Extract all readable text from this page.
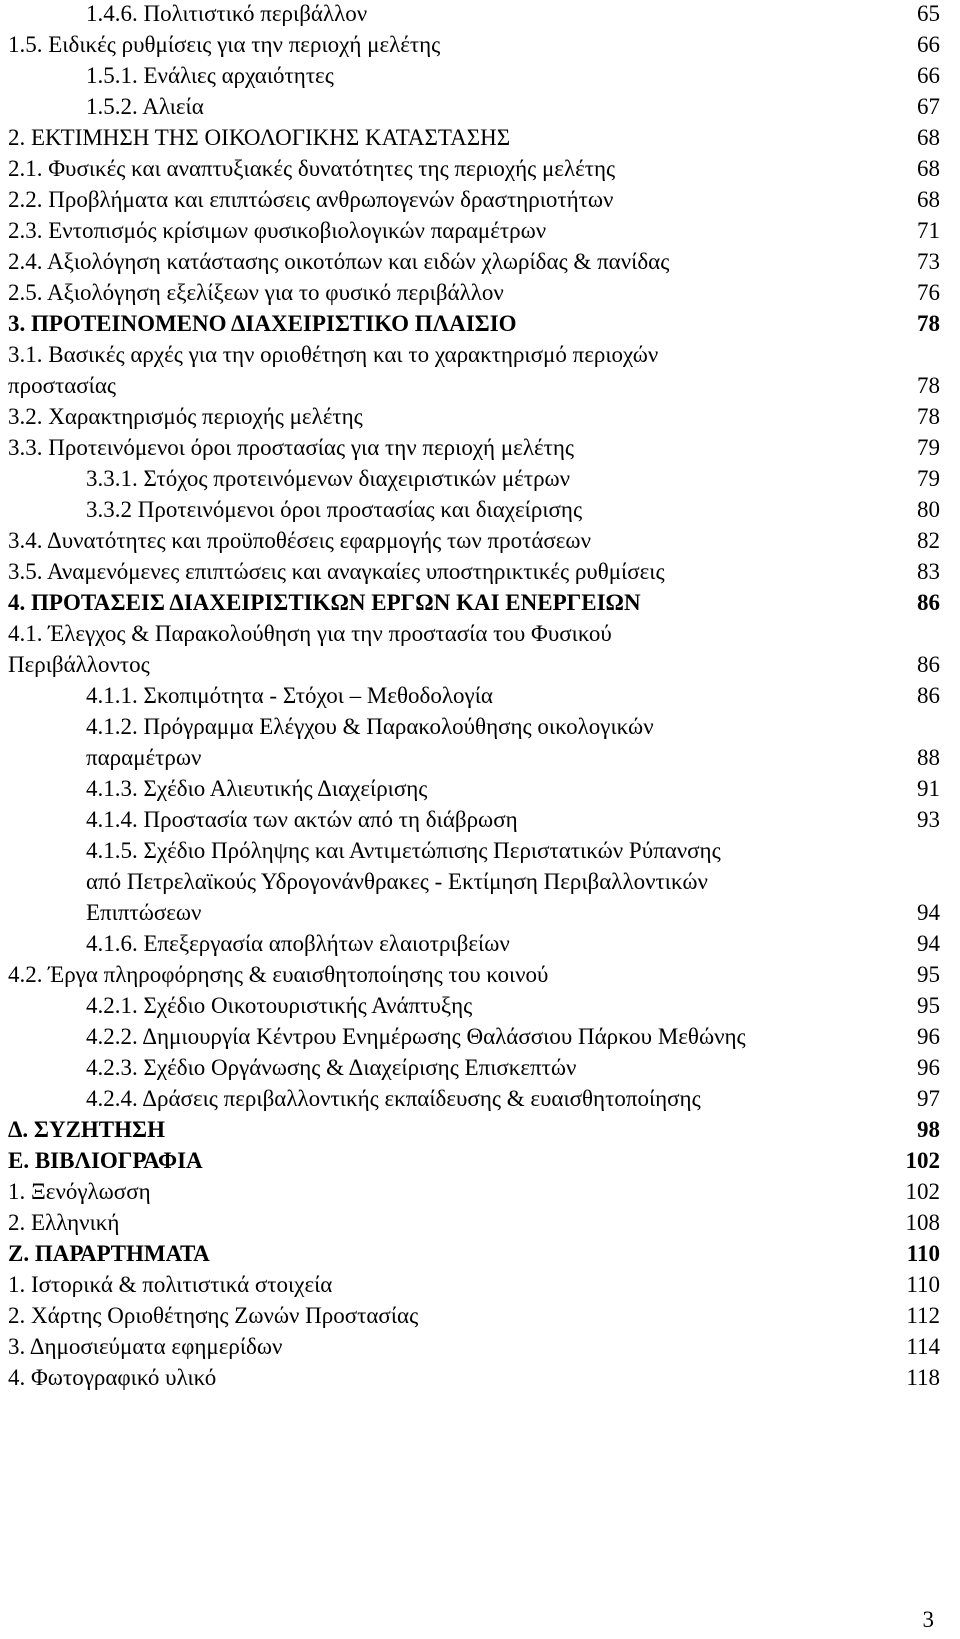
1.4.6. Πολιτιστικό περιβάλλον	65
1.5. Ειδικές ρυθμίσεις για την περιοχή μελέτης	66
1.5.1. Ενάλιες αρχαιότητες	66
1.5.2. Αλιεία	67
2. ΕΚΤΙΜΗΣΗ ΤΗΣ ΟΙΚΟΛΟΓΙΚΗΣ ΚΑΤΑΣΤΑΣΗΣ	68
2.1. Φυσικές και αναπτυξιακές δυνατότητες της περιοχής μελέτης	68
2.2. Προβλήματα και επιπτώσεις ανθρωπογενών δραστηριοτήτων	68
2.3. Εντοπισμός κρίσιμων φυσικοβιολογικών παραμέτρων	71
2.4. Αξιολόγηση κατάστασης οικοτόπων και ειδών χλωρίδας & πανίδας	73
2.5. Αξιολόγηση εξελίξεων για το φυσικό περιβάλλον	76
3. ΠΡΟΤΕΙΝΟΜΕΝΟ ΔΙΑΧΕΙΡΙΣΤΙΚΟ ΠΛΑΙΣΙΟ	78
3.1. Βασικές αρχές για την οριοθέτηση και το χαρακτηρισμό περιοχών
προστασίας	78
3.2. Χαρακτηρισμός περιοχής μελέτης	78
3.3. Προτεινόμενοι όροι προστασίας για την περιοχή μελέτης	79
3.3.1. Στόχος προτεινόμενων διαχειριστικών μέτρων	79
3.3.2 Προτεινόμενοι όροι προστασίας και διαχείρισης	80
3.4. Δυνατότητες και προϋποθέσεις εφαρμογής των προτάσεων	82
3.5. Αναμενόμενες επιπτώσεις και αναγκαίες υποστηρικτικές ρυθμίσεις	83
4. ΠΡΟΤΑΣΕΙΣ ΔΙΑΧΕΙΡΙΣΤΙΚΩΝ ΕΡΓΩΝ ΚΑΙ ΕΝΕΡΓΕΙΩΝ	86
4.1. Έλεγχος & Παρακολούθηση για την προστασία του Φυσικού
Περιβάλλοντος	86
4.1.1. Σκοπιμότητα - Στόχοι – Μεθοδολογία	86
4.1.2. Πρόγραμμα Ελέγχου & Παρακολούθησης οικολογικών
παραμέτρων	88
4.1.3. Σχέδιο Αλιευτικής Διαχείρισης	91
4.1.4. Προστασία των ακτών από τη διάβρωση	93
4.1.5. Σχέδιο Πρόληψης και Αντιμετώπισης Περιστατικών Ρύπανσης
από Πετρελαϊκούς Υδρογονάνθρακες - Εκτίμηση Περιβαλλοντικών
Επιπτώσεων	94
4.1.6. Επεξεργασία αποβλήτων ελαιοτριβείων	94
4.2. Έργα πληροφόρησης & ευαισθητοποίησης του κοινού	95
4.2.1. Σχέδιο Οικοτουριστικής Ανάπτυξης	95
4.2.2. Δημιουργία Κέντρου Ενημέρωσης Θαλάσσιου Πάρκου Μεθώνης	96
4.2.3. Σχέδιο Οργάνωσης & Διαχείρισης Επισκεπτών	96
4.2.4. Δράσεις περιβαλλοντικής εκπαίδευσης & ευαισθητοποίησης	97
Δ. ΣΥΖΗΤΗΣΗ	98
Ε. ΒΙΒΛΙΟΓΡΑΦΙΑ	102
1. Ξενόγλωσση	102
2. Ελληνική	108
Ζ. ΠΑΡΑΡΤΗΜΑΤΑ	110
1. Ιστορικά & πολιτιστικά στοιχεία	110
2. Χάρτης Οριοθέτησης Ζωνών Προστασίας	112
3. Δημοσιεύματα εφημερίδων	114
4. Φωτογραφικό υλικό	118
3
